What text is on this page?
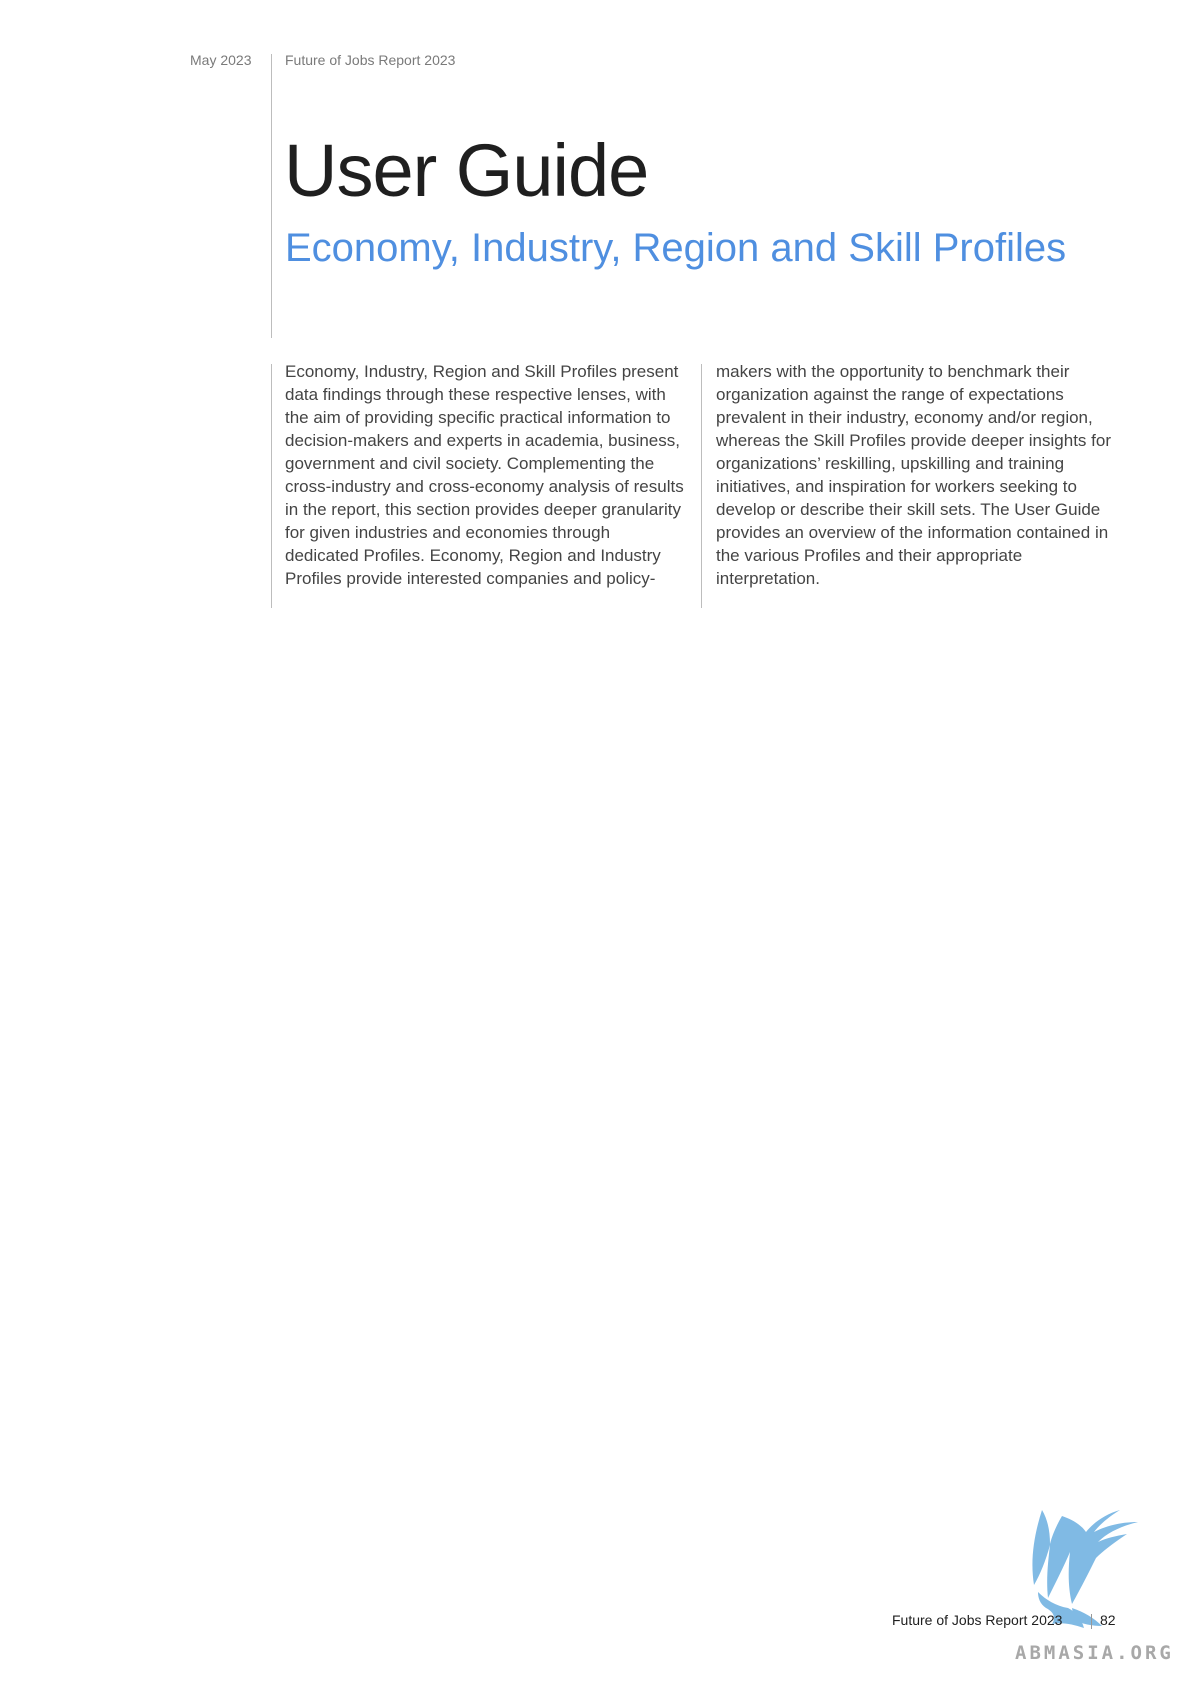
May 2023 Future of Jobs Report 2023
User Guide
Economy, Industry, Region and Skill Profiles

Economy, Industry, Region and Skill Profiles present data findings through these respective lenses, with the aim of providing specific practical information to decision-makers and experts in academia, business, government and civil society. Complementing the cross-industry and cross-economy analysis of results in the report, this section provides deeper granularity for given industries and economies through dedicated Profiles. Economy, Region and Industry Profiles provide interested companies and policy-

makers with the opportunity to benchmark their organization against the range of expectations prevalent in their industry, economy and/or region, whereas the Skill Profiles provide deeper insights for organizations’ reskilling, upskilling and training initiatives, and inspiration for workers seeking to develop or describe their skill sets. The User Guide provides an overview of the information contained in the various Profiles and their appropriate interpretation.

Future of Jobs Report 2023	82
ABMASIA.ORG
